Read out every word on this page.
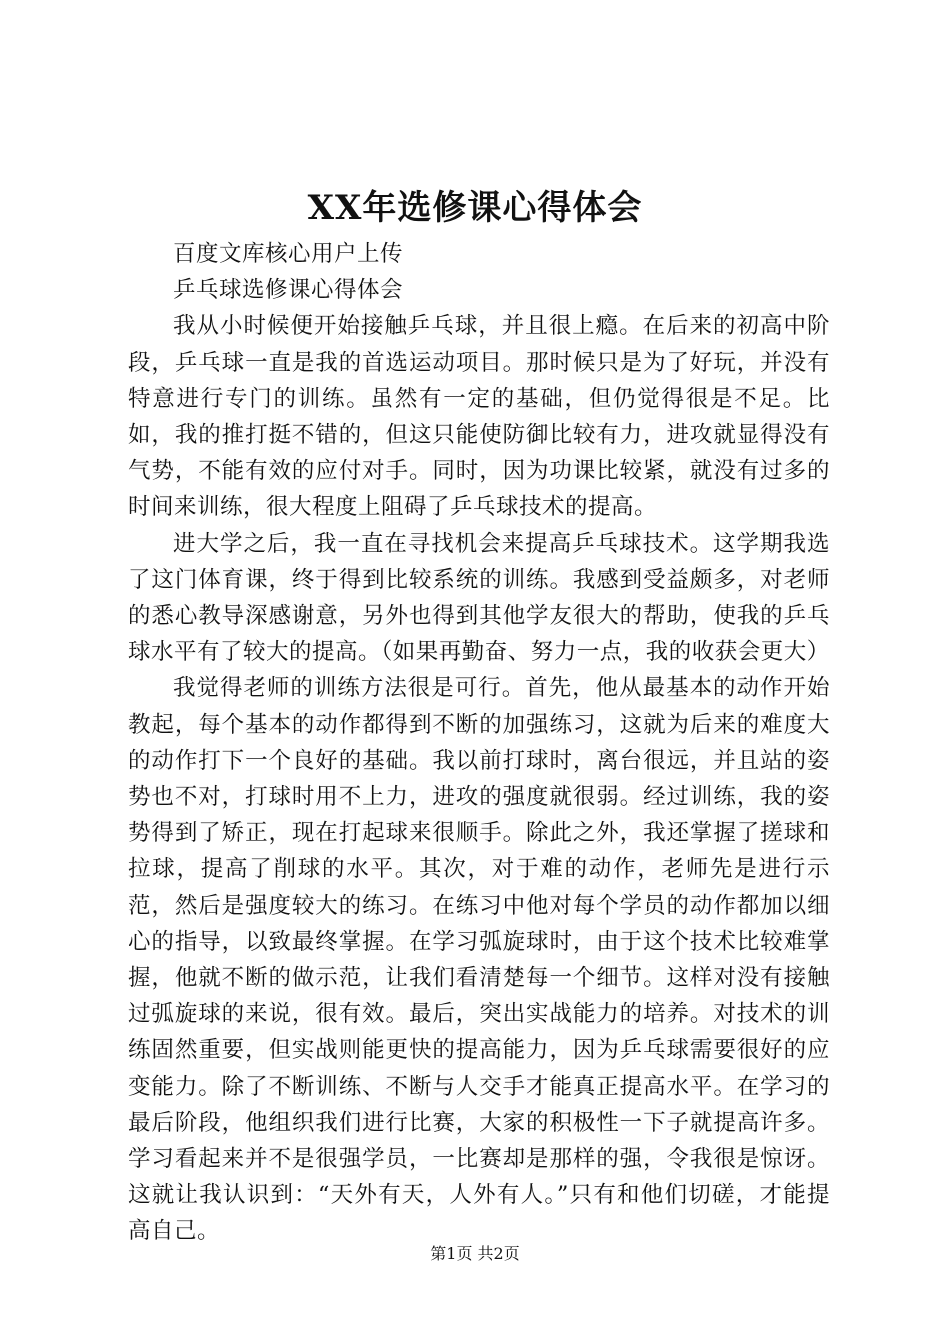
XX年选修课心得体会

百度文库核心用户上传

乒乓球选修课心得体会

我从小时候便开始接触乒乓球，并且很上瘾。在后来的初高中阶段，乒乓球一直是我的首选运动项目。那时候只是为了好玩，并没有特意进行专门的训练。虽然有一定的基础，但仍觉得很是不足。比如，我的推打挺不错的，但这只能使防御比较有力，进攻就显得没有气势，不能有效的应付对手。同时，因为功课比较紧，就没有过多的时间来训练，很大程度上阻碍了乒乓球技术的提高。

进大学之后，我一直在寻找机会来提高乒乓球技术。这学期我选了这门体育课，终于得到比较系统的训练。我感到受益颇多，对老师的悉心教导深感谢意，另外也得到其他学友很大的帮助，使我的乒乓球水平有了较大的提高。（如果再勤奋、努力一点，我的收获会更大）

我觉得老师的训练方法很是可行。首先，他从最基本的动作开始教起，每个基本的动作都得到不断的加强练习，这就为后来的难度大的动作打下一个良好的基础。我以前打球时，离台很远，并且站的姿势也不对，打球时用不上力，进攻的强度就很弱。经过训练，我的姿势得到了矫正，现在打起球来很顺手。除此之外，我还掌握了搓球和拉球，提高了削球的水平。其次，对于难的动作，老师先是进行示范，然后是强度较大的练习。在练习中他对每个学员的动作都加以细心的指导，以致最终掌握。在学习弧旋球时，由于这个技术比较难掌握，他就不断的做示范，让我们看清楚每一个细节。这样对没有接触过弧旋球的来说，很有效。最后，突出实战能力的培养。对技术的训练固然重要，但实战则能更快的提高能力，因为乒乓球需要很好的应变能力。除了不断训练、不断与人交手才能真正提高水平。在学习的最后阶段，他组织我们进行比赛，大家的积极性一下子就提高许多。学习看起来并不是很强学员，一比赛却是那样的强，令我很是惊讶。这就让我认识到：“天外有天，人外有人。”只有和他们切磋，才能提高自己。

第1页 共2页
